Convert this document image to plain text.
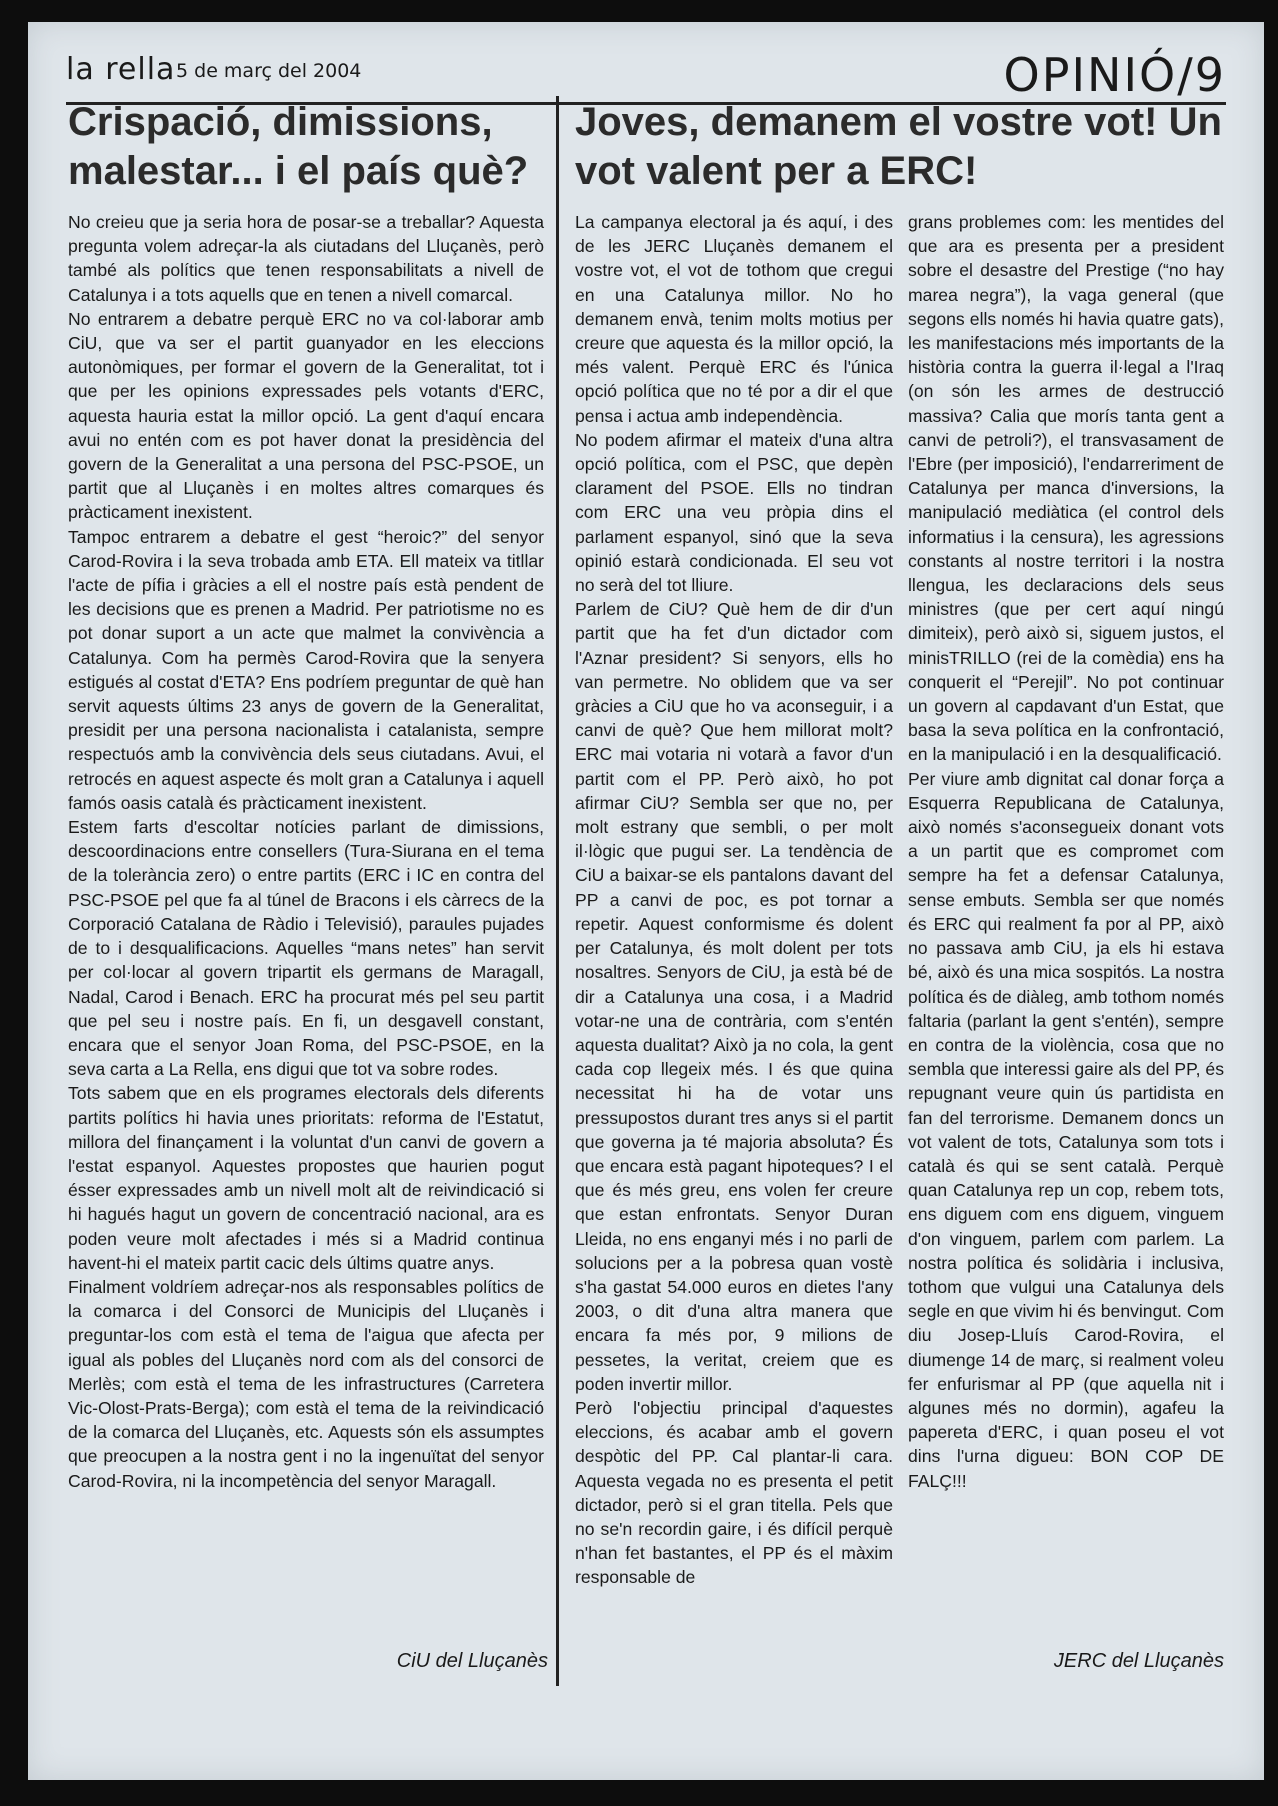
la rella 5 de març del 2004	OPINIÓ/9
Crispació, dimissions, malestar... i el país què?

No creieu que ja seria hora de posar-se a treballar? Aquesta pregunta volem adreçar-la als ciutadans del Lluçanès, però també als polítics que tenen responsabilitats a nivell de Catalunya i a tots aquells que en tenen a nivell comarcal.

No entrarem a debatre perquè ERC no va col·laborar amb CiU, que va ser el partit guanyador en les eleccions autonòmiques, per formar el govern de la Generalitat, tot i que per les opinions expressades pels votants d'ERC, aquesta hauria estat la millor opció. La gent d'aquí encara avui no entén com es pot haver donat la presidència del govern de la Generalitat a una persona del PSC-PSOE, un partit que al Lluçanès i en moltes altres comarques és pràcticament inexistent.

Tampoc entrarem a debatre el gest “heroic?” del senyor Carod-Rovira i la seva trobada amb ETA. Ell mateix va titllar l'acte de pífia i gràcies a ell el nostre país està pendent de les decisions que es prenen a Madrid. Per patriotisme no es pot donar suport a un acte que malmet la convivència a Catalunya. Com ha permès Carod-Rovira que la senyera estigués al costat d'ETA? Ens podríem preguntar de què han servit aquests últims 23 anys de govern de la Generalitat, presidit per una persona nacionalista i catalanista, sempre respectuós amb la convivència dels seus ciutadans. Avui, el retrocés en aquest aspecte és molt gran a Catalunya i aquell famós oasis català és pràcticament inexistent.

Estem farts d'escoltar notícies parlant de dimissions, descoordinacions entre consellers (Tura-Siurana en el tema de la tolerància zero) o entre partits (ERC i IC en contra del PSC-PSOE pel que fa al túnel de Bracons i els càrrecs de la Corporació Catalana de Ràdio i Televisió), paraules pujades de to i desqualificacions. Aquelles “mans netes” han servit per col·locar al govern tripartit els germans de Maragall, Nadal, Carod i Benach. ERC ha procurat més pel seu partit que pel seu i nostre país. En fi, un desgavell constant, encara que el senyor Joan Roma, del PSC-PSOE, en la seva carta a La Rella, ens digui que tot va sobre rodes.

Tots sabem que en els programes electorals dels diferents partits polítics hi havia unes prioritats: reforma de l'Estatut, millora del finançament i la voluntat d'un canvi de govern a l'estat espanyol. Aquestes propostes que haurien pogut ésser expressades amb un nivell molt alt de reivindicació si hi hagués hagut un govern de concentració nacional, ara es poden veure molt afectades i més si a Madrid continua havent-hi el mateix partit cacic dels últims quatre anys.

Finalment voldríem adreçar-nos als responsables polítics de la comarca i del Consorci de Municipis del Lluçanès i preguntar-los com està el tema de l'aigua que afecta per igual als pobles del Lluçanès nord com als del consorci de Merlès; com està el tema de les infrastructures (Carretera Vic-Olost-Prats-Berga); com està el tema de la reivindicació de la comarca del Lluçanès, etc. Aquests són els assumptes que preocupen a la nostra gent i no la ingenuïtat del senyor Carod-Rovira, ni la incompetència del senyor Maragall.

CiU del Lluçanès
Joves, demanem el vostre vot! Un vot valent per a ERC!

La campanya electoral ja és aquí, i des de les JERC Lluçanès demanem el vostre vot, el vot de tothom que cregui en una Catalunya millor. No ho demanem envà, tenim molts motius per creure que aquesta és la millor opció, la més valent. Perquè ERC és l'única opció política que no té por a dir el que pensa i actua amb independència.

No podem afirmar el mateix d'una altra opció política, com el PSC, que depèn clarament del PSOE. Ells no tindran com ERC una veu pròpia dins el parlament espanyol, sinó que la seva opinió estarà condicionada. El seu vot no serà del tot lliure.

Parlem de CiU? Què hem de dir d'un partit que ha fet d'un dictador com l'Aznar president? Si senyors, ells ho van permetre. No oblidem que va ser gràcies a CiU que ho va aconseguir, i a canvi de què? Que hem millorat molt? ERC mai votaria ni votarà a favor d'un partit com el PP. Però això, ho pot afirmar CiU? Sembla ser que no, per molt estrany que sembli, o per molt il·lògic que pugui ser. La tendència de CiU a baixar-se els pantalons davant del PP a canvi de poc, es pot tornar a repetir. Aquest conformisme és dolent per Catalunya, és molt dolent per tots nosaltres. Senyors de CiU, ja està bé de dir a Catalunya una cosa, i a Madrid votar-ne una de contrària, com s'entén aquesta dualitat? Això ja no cola, la gent cada cop llegeix més. I és que quina necessitat hi ha de votar uns pressupostos durant tres anys si el partit que governa ja té majoria absoluta? És que encara està pagant hipoteques? I el que és més greu, ens volen fer creure que estan enfrontats. Senyor Duran Lleida, no ens enganyi més i no parli de solucions per a la pobresa quan vostè s'ha gastat 54.000 euros en dietes l'any 2003, o dit d'una altra manera que encara fa més por, 9 milions de pessetes, la veritat, creiem que es poden invertir millor.

Però l'objectiu principal d'aquestes eleccions, és acabar amb el govern despòtic del PP. Cal plantar-li cara. Aquesta vegada no es presenta el petit dictador, però si el gran titella. Pels que no se'n recordin gaire, i és difícil perquè n'han fet bastantes, el PP és el màxim responsable de

grans problemes com: les mentides del que ara es presenta per a president sobre el desastre del Prestige (“no hay marea negra”), la vaga general (que segons ells només hi havia quatre gats), les manifestacions més importants de la història contra la guerra il·legal a l'Iraq (on són les armes de destrucció massiva? Calia que morís tanta gent a canvi de petroli?), el transvasament de l'Ebre (per imposició), l'endarreriment de Catalunya per manca d'inversions, la manipulació mediàtica (el control dels informatius i la censura), les agressions constants al nostre territori i la nostra llengua, les declaracions dels seus ministres (que per cert aquí ningú dimiteix), però això si, siguem justos, el minisTRILLO (rei de la comèdia) ens ha conquerit el “Perejil”. No pot continuar un govern al capdavant d'un Estat, que basa la seva política en la confrontació, en la manipulació i en la desqualificació.

Per viure amb dignitat cal donar força a Esquerra Republicana de Catalunya, això només s'aconsegueix donant vots a un partit que es compromet com sempre ha fet a defensar Catalunya, sense embuts. Sembla ser que només és ERC qui realment fa por al PP, això no passava amb CiU, ja els hi estava bé, això és una mica sospitós. La nostra política és de diàleg, amb tothom només faltaria (parlant la gent s'entén), sempre en contra de la violència, cosa que no sembla que interessi gaire als del PP, és repugnant veure quin ús partidista en fan del terrorisme. Demanem doncs un vot valent de tots, Catalunya som tots i català és qui se sent català. Perquè quan Catalunya rep un cop, rebem tots, ens diguem com ens diguem, vinguem d'on vinguem, parlem com parlem. La nostra política és solidària i inclusiva, tothom que vulgui una Catalunya dels segle en que vivim hi és benvingut. Com diu Josep-Lluís Carod-Rovira, el diumenge 14 de març, si realment voleu fer enfurismar al PP (que aquella nit i algunes més no dormin), agafeu la papereta d'ERC, i quan poseu el vot dins l'urna digueu: BON COP DE FALÇ!!!

JERC del Lluçanès
